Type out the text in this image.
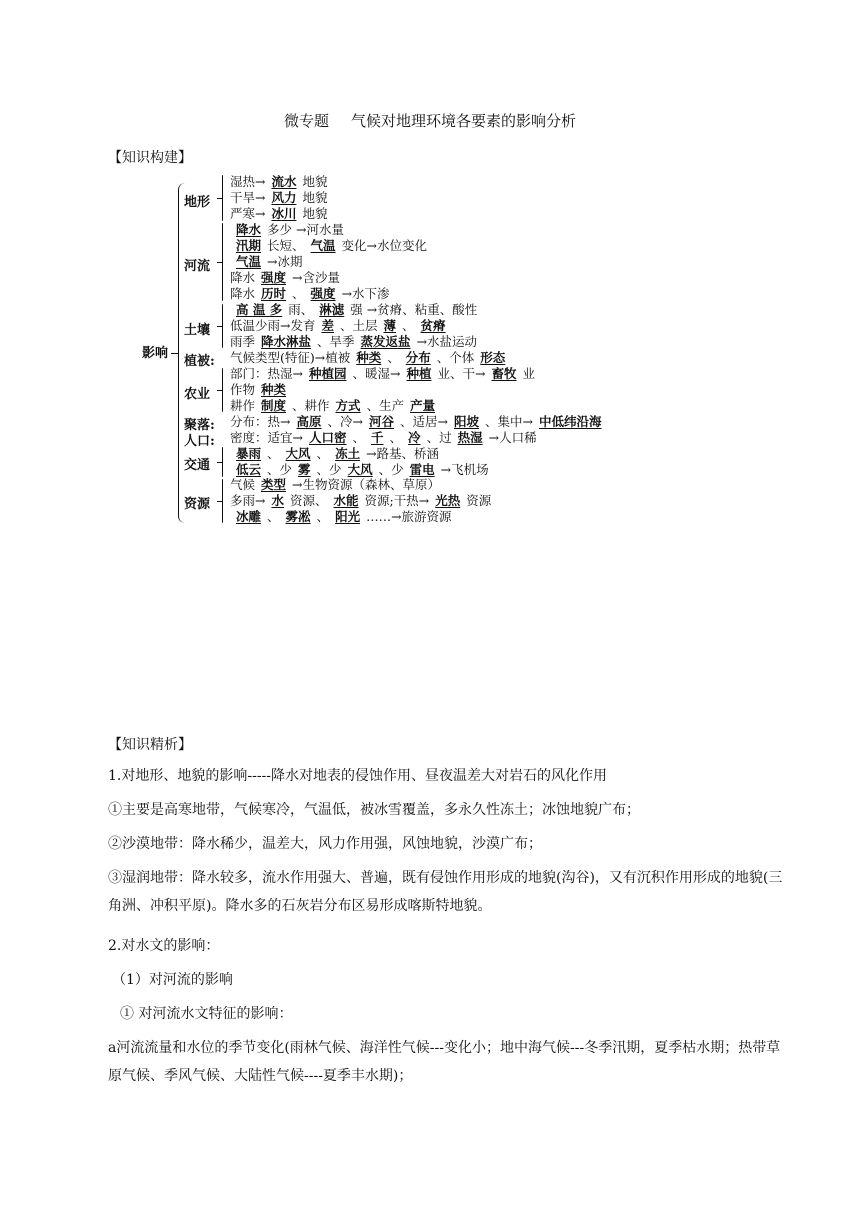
微专题 气候对地理环境各要素的影响分析
【知识构建】
影响
地形
湿热→ 流水 地貌
干旱→ 风力 地貌
严寒→ 冰川 地貌
河流
降水 多少 →河水量
汛期 长短、 气温 变化→水位变化
气温 →冰期
降水 强度 →含沙量
降水 历时 、 强度 →水下渗
土壤
高 温 多 雨、 淋滤 强 →贫瘠、粘重、酸性
低温少雨→发育 差 、土层 薄 、 贫瘠
雨季 降水淋盐 、旱季 蒸发返盐 →水盐运动
植被: 气候类型(特征)→植被 种类 、 分布 、个体 形态
农业
部门：热湿→ 种植园 、暖湿→ 种植 业、干→ 畜牧 业
作物 种类
耕作 制度 、耕作 方式 、生产 产量
聚落: 分布：热→ 高原 、冷→ 河谷 、适居→ 阳坡 、集中→ 中低纬沿海
人口: 密度：适宜→ 人口密 、 千 、 冷 、过 热湿 →人口稀
交通
暴雨 、 大风 、 冻土 →路基、桥涵
低云 、少 雾 、少 大风 、少 雷电 →飞机场
资源
气候 类型 →生物资源（森林、草原）
多雨→ 水 资源、 水能 资源;干热→ 光热 资源
冰雕 、 雾凇 、 阳光 ……→旅游资源
【知识精析】
1.对地形、地貌的影响-----降水对地表的侵蚀作用、昼夜温差大对岩石的风化作用
①主要是高寒地带，气候寒冷，气温低，被冰雪覆盖，多永久性冻土；冰蚀地貌广布；
②沙漠地带：降水稀少，温差大，风力作用强，风蚀地貌，沙漠广布；
③湿润地带：降水较多，流水作用强大、普遍，既有侵蚀作用形成的地貌(沟谷)，又有沉积作用形成的地貌(三角洲、冲积平原)。降水多的石灰岩分布区易形成喀斯特地貌。
2.对水文的影响：
（1）对河流的影响
① 对河流水文特征的影响：
a河流流量和水位的季节变化(雨林气候、海洋性气候---变化小；地中海气候---冬季汛期，夏季枯水期；热带草原气候、季风气候、大陆性气候----夏季丰水期)；
